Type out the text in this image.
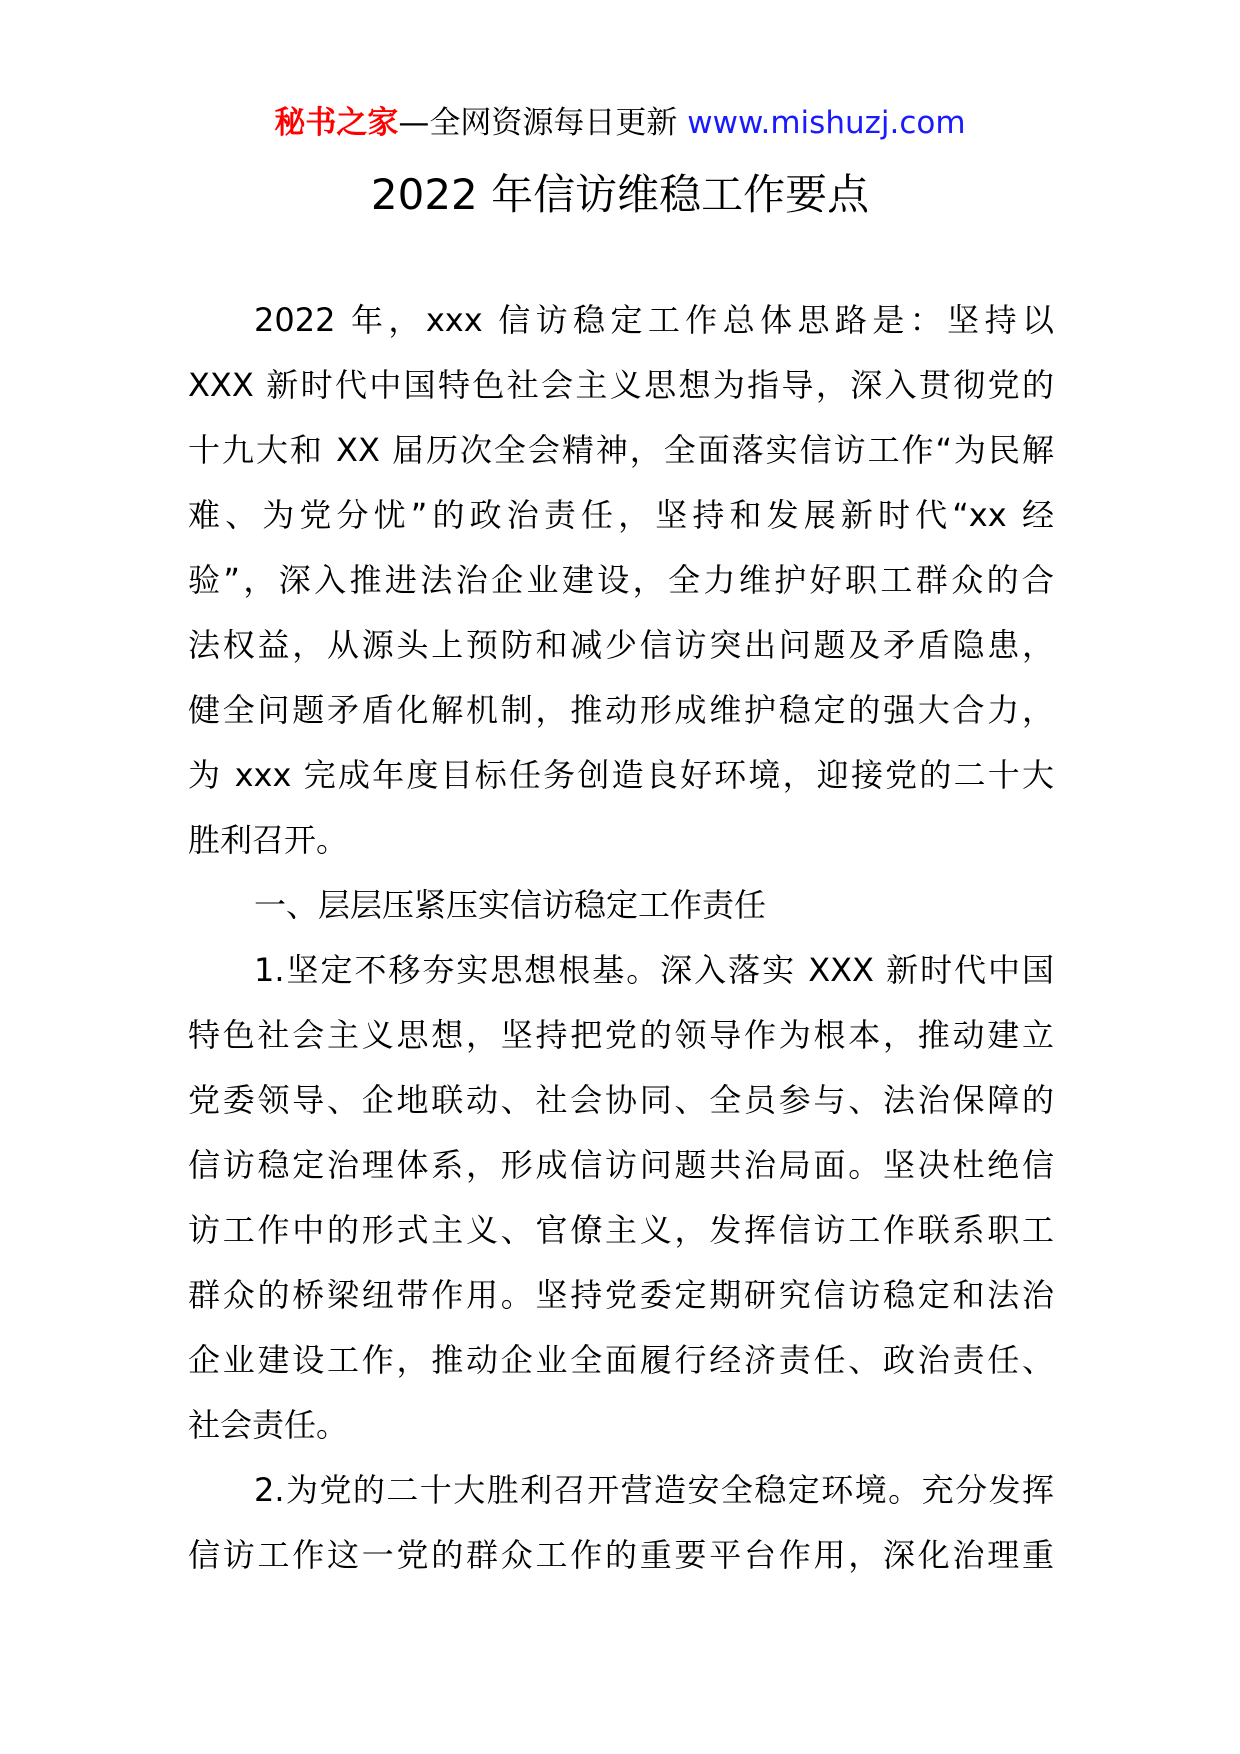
秘书之家—全网资源每日更新 www.mishuzj.com
2022 年信访维稳工作要点
2022 年，xxx 信访稳定工作总体思路是：坚持以
XXX 新时代中国特色社会主义思想为指导，深入贯彻党的
十九大和 XX 届历次全会精神，全面落实信访工作“为民解
难、为党分忧”的政治责任，坚持和发展新时代“xx 经
验”，深入推进法治企业建设，全力维护好职工群众的合
法权益，从源头上预防和减少信访突出问题及矛盾隐患，
健全问题矛盾化解机制，推动形成维护稳定的强大合力，
为 xxx 完成年度目标任务创造良好环境，迎接党的二十大
胜利召开。
一、层层压紧压实信访稳定工作责任
1.坚定不移夯实思想根基。深入落实 XXX 新时代中国
特色社会主义思想，坚持把党的领导作为根本，推动建立
党委领导、企地联动、社会协同、全员参与、法治保障的
信访稳定治理体系，形成信访问题共治局面。坚决杜绝信
访工作中的形式主义、官僚主义，发挥信访工作联系职工
群众的桥梁纽带作用。坚持党委定期研究信访稳定和法治
企业建设工作，推动企业全面履行经济责任、政治责任、
社会责任。
2.为党的二十大胜利召开营造安全稳定环境。充分发挥
信访工作这一党的群众工作的重要平台作用，深化治理重
